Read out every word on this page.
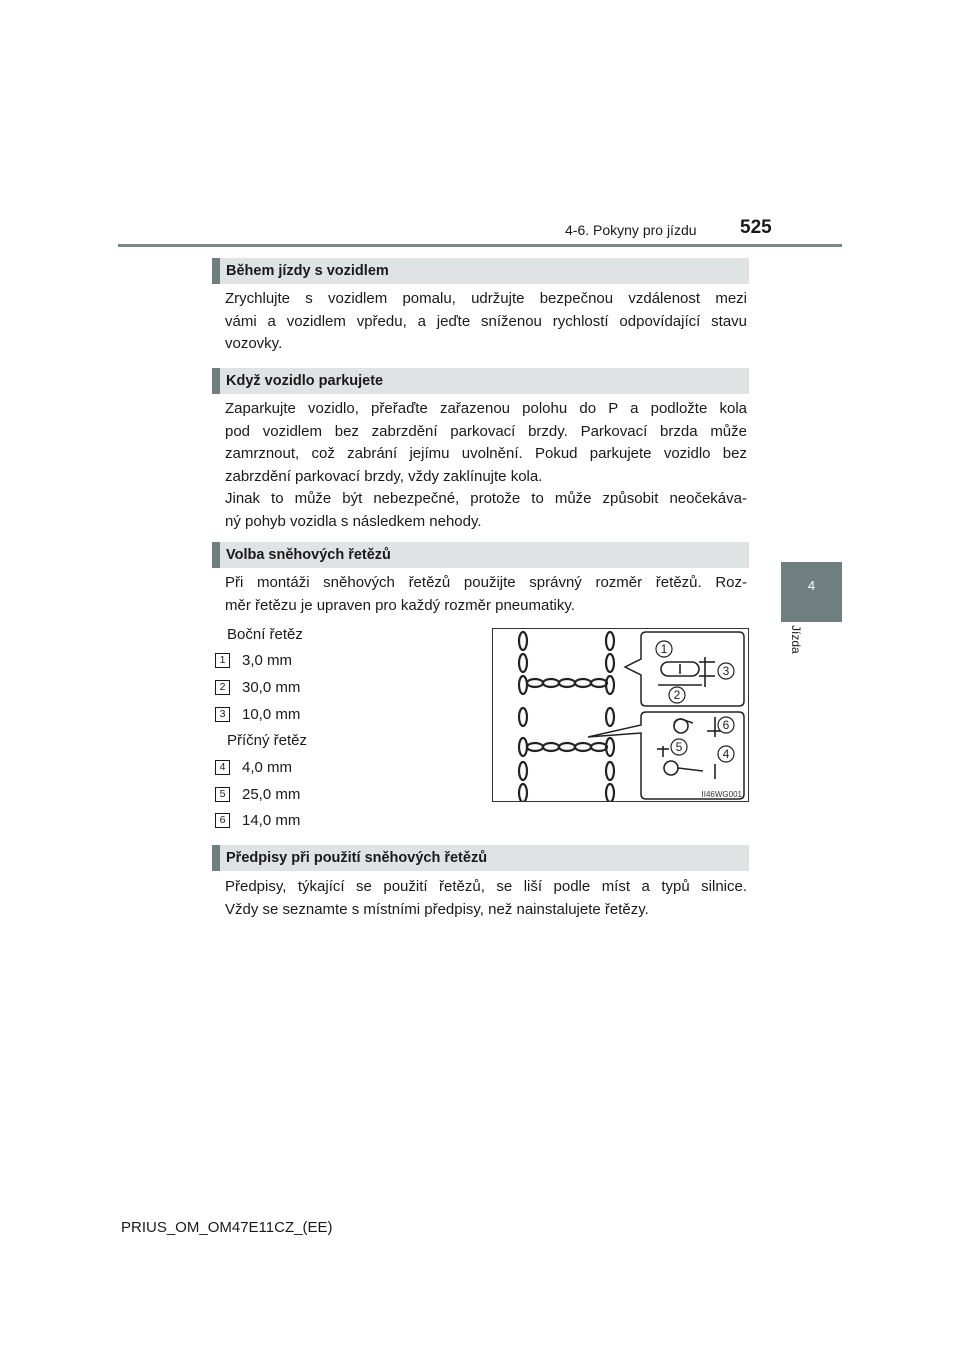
4-6. Pokyny pro jízdu 525
4
Jízda
Během jízdy s vozidlem
Zrychlujte s vozidlem pomalu, udržujte bezpečnou vzdálenost mezi
vámi a vozidlem vpředu, a jeďte sníženou rychlostí odpovídající stavu
vozovky.
Když vozidlo parkujete
Zaparkujte vozidlo, přeřaďte zařazenou polohu do P a podložte kola
pod vozidlem bez zabrzdění parkovací brzdy. Parkovací brzda může
zamrznout, což zabrání jejímu uvolnění. Pokud parkujete vozidlo bez
zabrzdění parkovací brzdy, vždy zaklínujte kola.
Jinak to může být nebezpečné, protože to může způsobit neočekáva-
ný pohyb vozidla s následkem nehody.
Volba sněhových řetězů
Při montáži sněhových řetězů použijte správný rozměr řetězů. Roz-
měr řetězu je upraven pro každý rozměr pneumatiky.
Boční řetěz
1	3,0 mm
2	30,0 mm
3	10,0 mm
Příčný řetěz
4	4,0 mm
5	25,0 mm
6	14,0 mm
1
2
3
4
5
6
II46WG001
Předpisy při použití sněhových řetězů
Předpisy, týkající se použití řetězů, se liší podle míst a typů silnice.
Vždy se seznamte s místními předpisy, než nainstalujete řetězy.
PRIUS_OM_OM47E11CZ_(EE)
